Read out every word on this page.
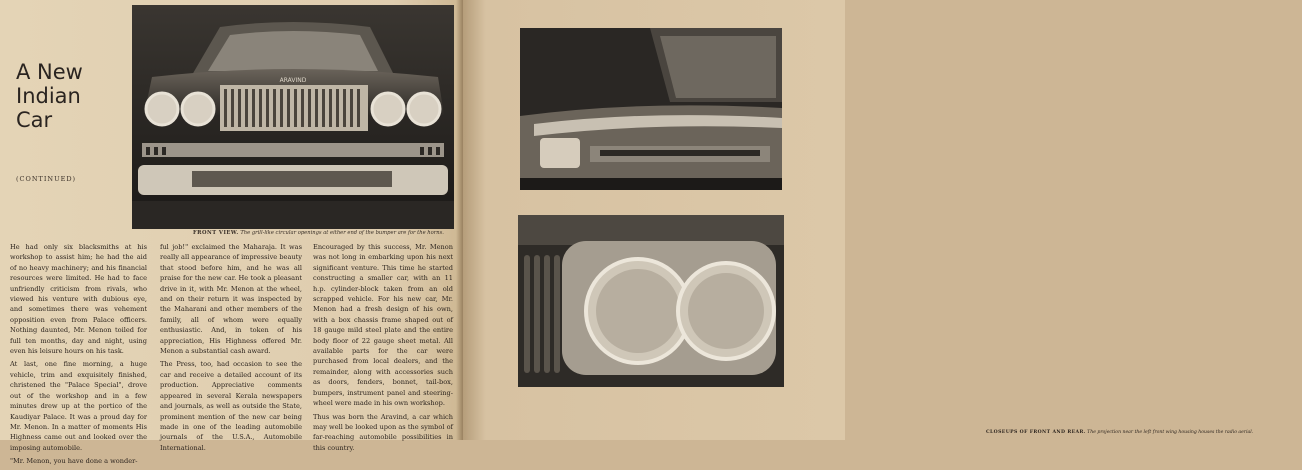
ARAVIND
A New
Indian
Car
(CONTINUED)
FRONT VIEW. The grill-like circular openings at either end of the bumper are for the horns.

He had only six blacksmiths at his workshop to assist him; he had the aid of no heavy machinery; and his financial resources were limited. He had to face unfriendly criticism from rivals, who viewed his venture with dubious eye, and sometimes there was vehement opposition even from Palace officers. Nothing daunted, Mr. Menon toiled for full ten months, day and night, using even his leisure hours on his task.

At last, one fine morning, a huge vehicle, trim and exquisitely finished, christened the "Palace Special", drove out of the workshop and in a few minutes drew up at the portico of the Kaudiyar Palace. It was a proud day for Mr. Menon. In a matter of moments His Highness came out and looked over the imposing automobile.

"Mr. Menon, you have done a wonder-

ful job!" exclaimed the Maharaja. It was really all appearance of impressive beauty that stood before him, and he was all praise for the new car. He took a pleasant drive in it, with Mr. Menon at the wheel, and on their return it was inspected by the Maharani and other members of the family, all of whom were equally enthusiastic. And, in token of his appreciation, His Highness offered Mr. Menon a substantial cash award.

The Press, too, had occasion to see the car and receive a detailed account of its production. Appreciative comments appeared in several Kerala newspapers and journals, as well as outside the State, prominent mention of the new car being made in one of the leading automobile journals of the U.S.A., Automobile International.

Encouraged by this success, Mr. Menon was not long in embarking upon his next significant venture. This time he started constructing a smaller car, with an 11 h.p. cylinder-block taken from an old scrapped vehicle. For his new car, Mr. Menon had a fresh design of his own, with a box chassis frame shaped out of 18 gauge mild steel plate and the entire body floor of 22 gauge sheet metal. All available parts for the car were purchased from local dealers, and the remainder, along with accessories such as doors, fenders, bonnet, tail-box, bumpers, instrument panel and steering-wheel were made in his own workshop.

Thus was born the Aravind, a car which may well be looked upon as the symbol of far-reaching automobile possibilities in this country.

CLOSEUPS OF FRONT AND REAR. The projection near the left front wing housing houses the radio aerial.
